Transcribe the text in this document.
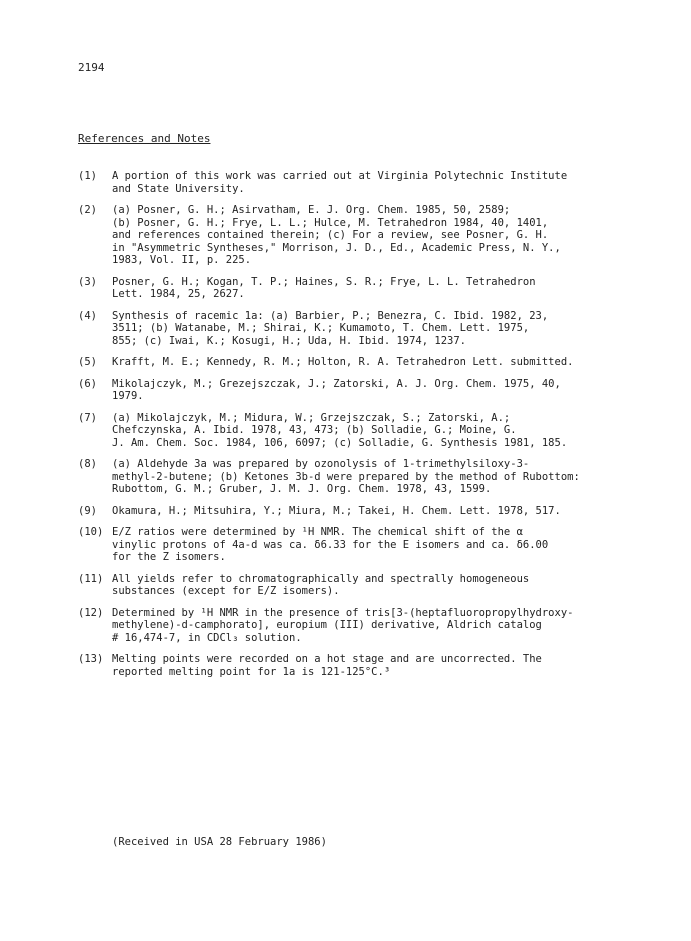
2194
References and Notes
(1)	A portion of this work was carried out at Virginia Polytechnic Institute
and State University.
(2)	(a) Posner, G. H.; Asirvatham, E. J. Org. Chem. 1985, 50, 2589;
(b) Posner, G. H.; Frye, L. L.; Hulce, M. Tetrahedron 1984, 40, 1401,
and references contained therein; (c) For a review, see Posner, G. H.
in "Asymmetric Syntheses," Morrison, J. D., Ed., Academic Press, N. Y.,
1983, Vol. II, p. 225.
(3)	Posner, G. H.; Kogan, T. P.; Haines, S. R.; Frye, L. L. Tetrahedron
Lett. 1984, 25, 2627.
(4)	Synthesis of racemic 1a: (a) Barbier, P.; Benezra, C. Ibid. 1982, 23,
3511; (b) Watanabe, M.; Shirai, K.; Kumamoto, T. Chem. Lett. 1975,
855; (c) Iwai, K.; Kosugi, H.; Uda, H. Ibid. 1974, 1237.
(5)	Krafft, M. E.; Kennedy, R. M.; Holton, R. A. Tetrahedron Lett. submitted.
(6)	Mikolajczyk, M.; Grezejszczak, J.; Zatorski, A. J. Org. Chem. 1975, 40,
1979.
(7)	(a) Mikolajczyk, M.; Midura, W.; Grzejszczak, S.; Zatorski, A.;
Chefczynska, A. Ibid. 1978, 43, 473; (b) Solladie, G.; Moine, G.
J. Am. Chem. Soc. 1984, 106, 6097; (c) Solladie, G. Synthesis 1981, 185.
(8)	(a) Aldehyde 3a was prepared by ozonolysis of 1-trimethylsiloxy-3-
methyl-2-butene; (b) Ketones 3b-d were prepared by the method of Rubottom:
Rubottom, G. M.; Gruber, J. M. J. Org. Chem. 1978, 43, 1599.
(9)	Okamura, H.; Mitsuhira, Y.; Miura, M.; Takei, H. Chem. Lett. 1978, 517.
(10) E/Z ratios were determined by ¹H NMR. The chemical shift of the α
vinylic protons of 4a-d was ca. δ6.33 for the E isomers and ca. δ6.00
for the Z isomers.
(11) All yields refer to chromatographically and spectrally homogeneous
substances (except for E/Z isomers).
(12) Determined by ¹H NMR in the presence of tris[3-(heptafluoropropylhydroxy-
methylene)-d-camphorato], europium (III) derivative, Aldrich catalog
# 16,474-7, in CDCl₃ solution.
(13) Melting points were recorded on a hot stage and are uncorrected. The
reported melting point for 1a is 121-125°C.³
(Received in USA 28 February 1986)
